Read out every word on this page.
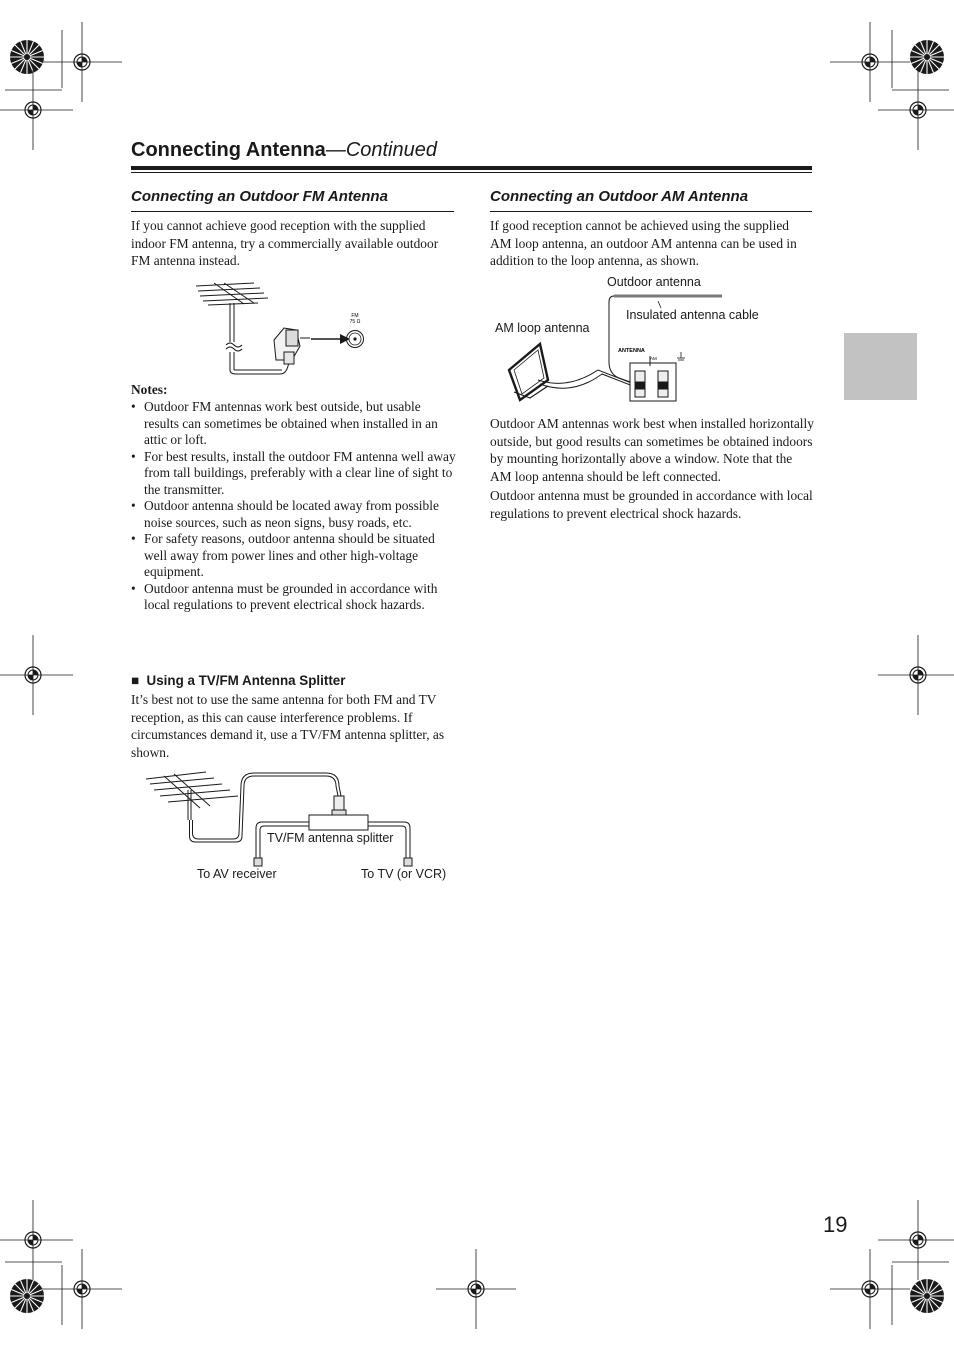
Connecting Antenna—Continued
Connecting an Outdoor FM Antenna
If you cannot achieve good reception with the supplied indoor FM antenna, try a commercially available outdoor FM antenna instead.
FM
75 Ω
Notes:
• Outdoor FM antennas work best outside, but usable results can sometimes be obtained when installed in an attic or loft.
• For best results, install the outdoor FM antenna well away from tall buildings, preferably with a clear line of sight to the transmitter.
• Outdoor antenna should be located away from possible noise sources, such as neon signs, busy roads, etc.
• For safety reasons, outdoor antenna should be situated well away from power lines and other high-voltage equipment.
• Outdoor antenna must be grounded in accordance with local regulations to prevent electrical shock hazards.
■ Using a TV/FM Antenna Splitter
It’s best not to use the same antenna for both FM and TV reception, as this can cause interference problems. If circumstances demand it, use a TV/FM antenna splitter, as shown.
TV/FM antenna splitter
To AV receiver	To TV (or VCR)
Connecting an Outdoor AM Antenna
If good reception cannot be achieved using the supplied AM loop antenna, an outdoor AM antenna can be used in addition to the loop antenna, as shown.
ANTENNA
AM
Outdoor antenna
Insulated antenna cable
AM loop antenna
Outdoor AM antennas work best when installed horizontally outside, but good results can sometimes be obtained indoors by mounting horizontally above a window. Note that the AM loop antenna should be left connected.
Outdoor antenna must be grounded in accordance with local regulations to prevent electrical shock hazards.
19
